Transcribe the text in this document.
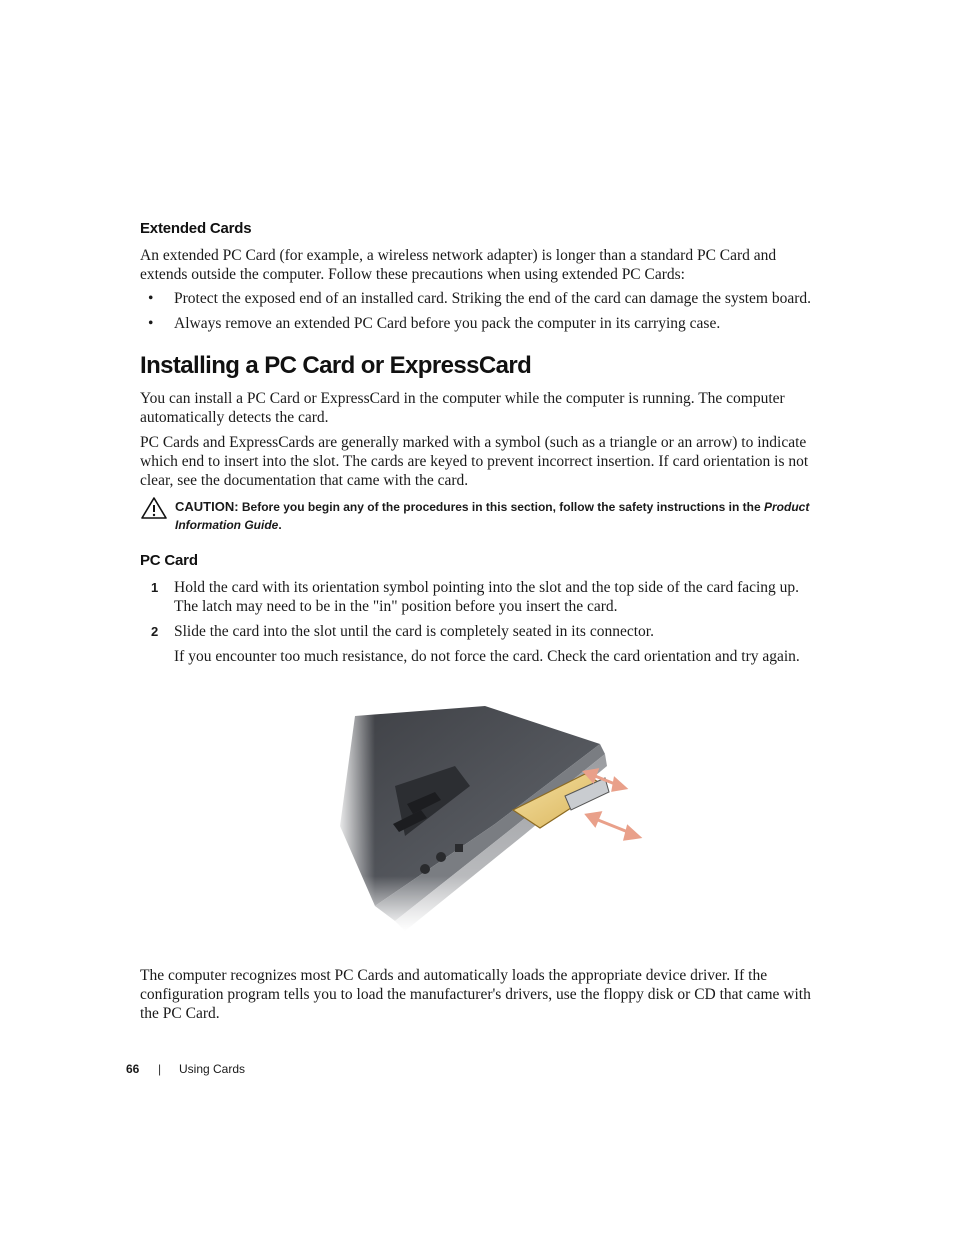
Extended Cards

An extended PC Card (for example, a wireless network adapter) is longer than a standard PC Card and extends outside the computer. Follow these precautions when using extended PC Cards:

• Protect the exposed end of an installed card. Striking the end of the card can damage the system board.
• Always remove an extended PC Card before you pack the computer in its carrying case.
Installing a PC Card or ExpressCard

You can install a PC Card or ExpressCard in the computer while the computer is running. The computer automatically detects the card.

PC Cards and ExpressCards are generally marked with a symbol (such as a triangle or an arrow) to indicate which end to insert into the slot. The cards are keyed to prevent incorrect insertion. If card orientation is not clear, see the documentation that came with the card.

CAUTION: Before you begin any of the procedures in this section, follow the safety instructions in the Product Information Guide.
PC Card
1 Hold the card with its orientation symbol pointing into the slot and the top side of the card facing up. The latch may need to be in the "in" position before you insert the card.
2 Slide the card into the slot until the card is completely seated in its connector.
If you encounter too much resistance, do not force the card. Check the card orientation and try again.

The computer recognizes most PC Cards and automatically loads the appropriate device driver. If the configuration program tells you to load the manufacturer's drivers, use the floppy disk or CD that came with the PC Card.

66 | Using Cards
